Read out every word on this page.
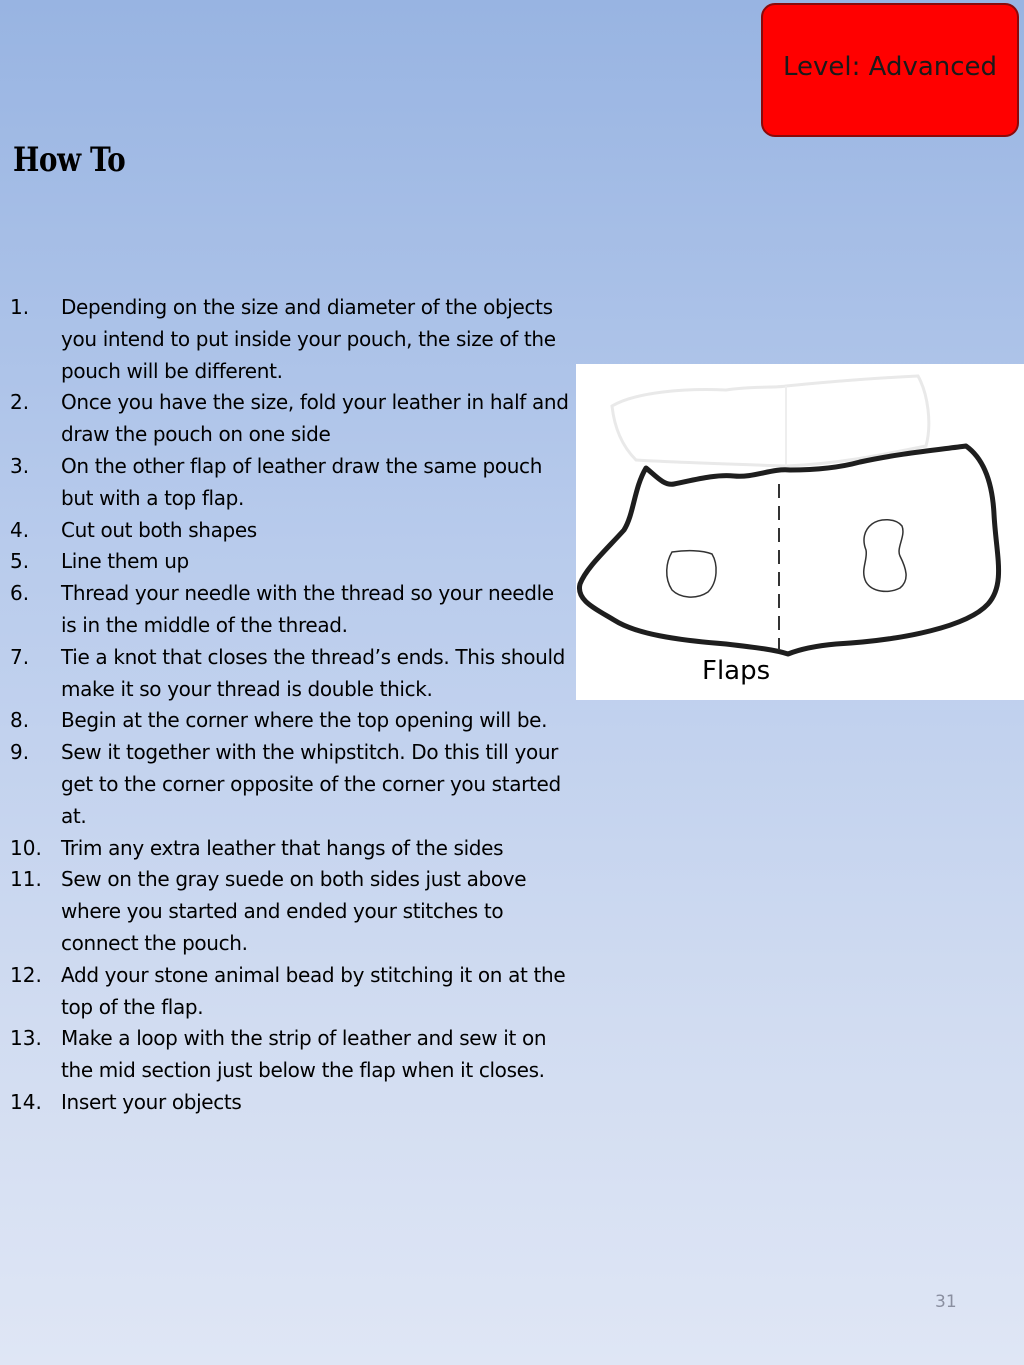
Level: Advanced
How To
1.	Depending on the size and diameter of the objects you intend to put inside your pouch, the size of the pouch will be different.
2.	Once you have the size, fold your leather in half and draw the pouch on one side
3.	On the other flap of leather draw the same pouch but with a top flap.
4.	Cut out both shapes
5.	Line them up
6.	Thread your needle with the thread so your needle is in the middle of the thread.
7.	Tie a knot that closes the thread’s ends. This should make it so your thread is double thick.
8.	Begin at the corner where the top opening will be.
9.	Sew it together with the whipstitch. Do this till your get to the corner opposite of the corner you started at.
10. Trim any extra leather that hangs of the sides
11. Sew on the gray suede on both sides just above where you started and ended your stitches to connect the pouch.
12. Add your stone animal bead by stitching it on at the top of the flap.
13. Make a loop with the strip of leather and sew it on the mid section just below the flap when it closes.
14. Insert your objects
Flaps
31
